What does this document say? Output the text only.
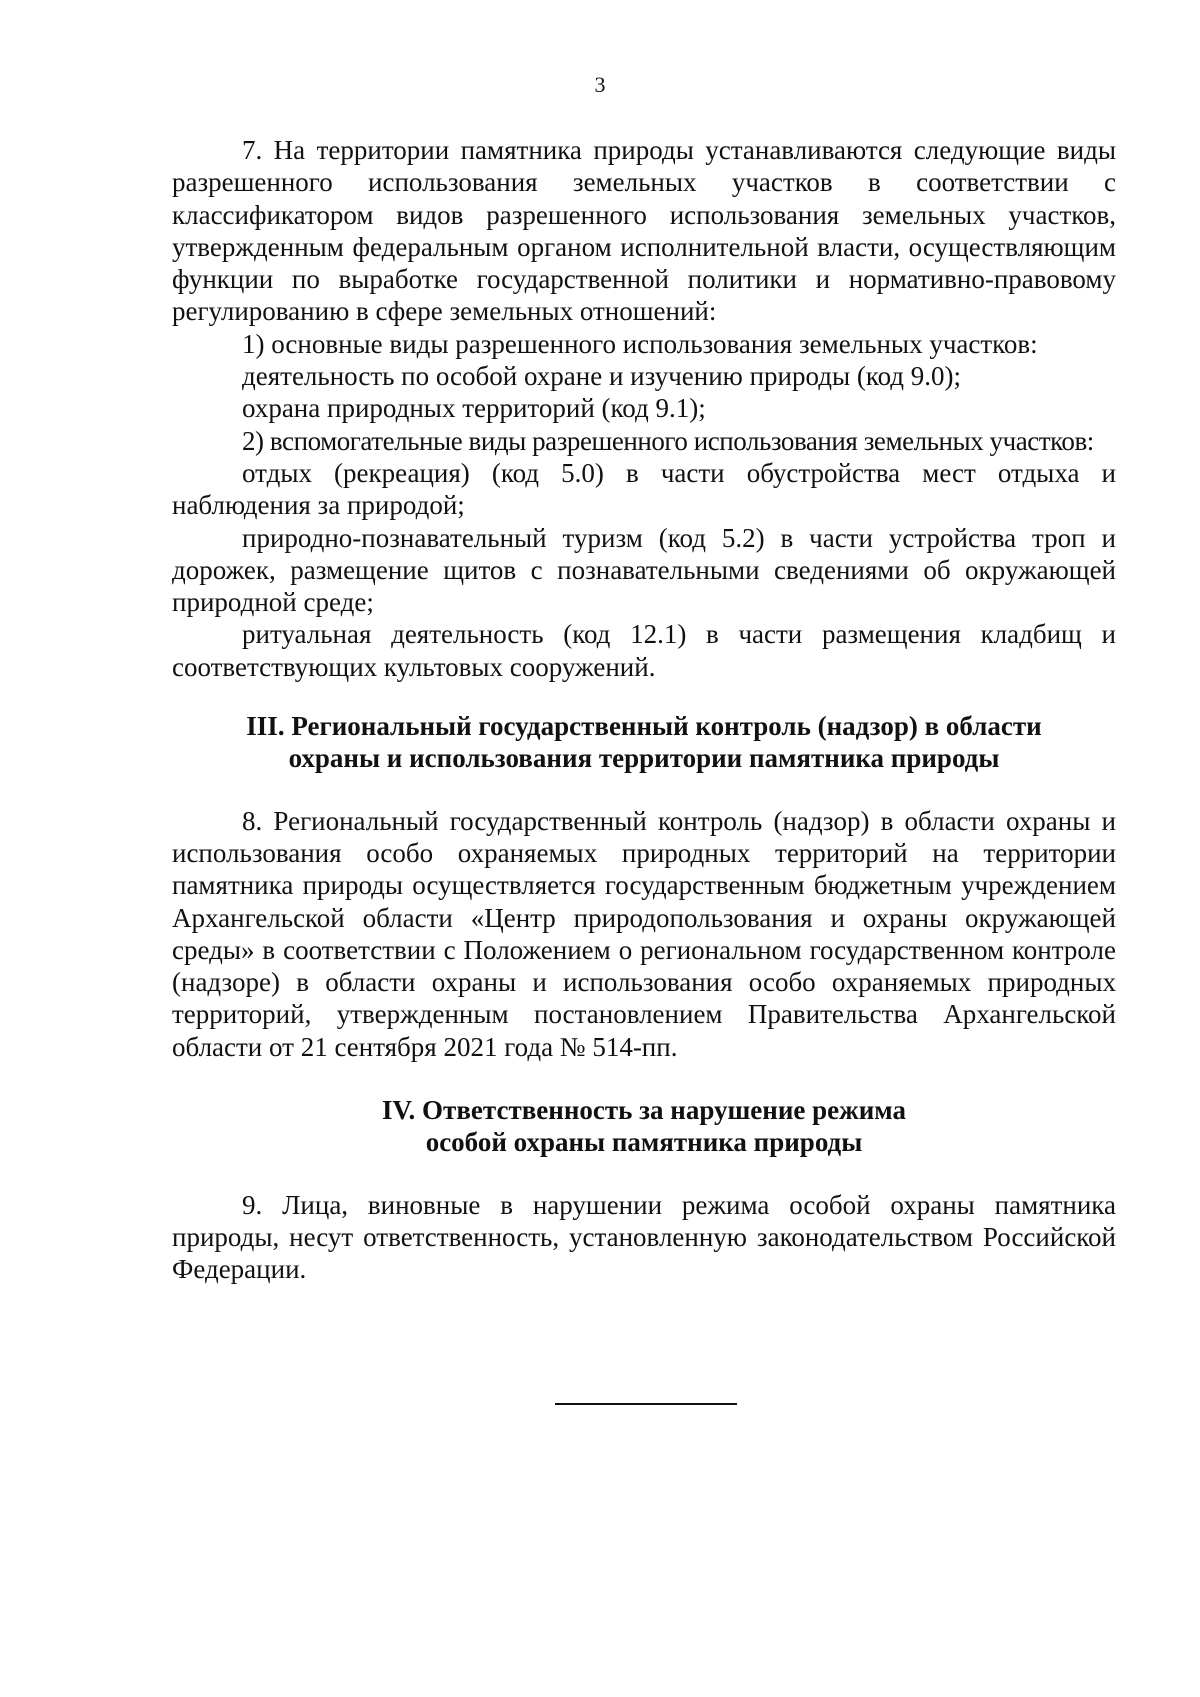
3

7. На территории памятника природы устанавливаются следующие виды разрешенного использования земельных участков в соответствии с классификатором видов разрешенного использования земельных участков, утвержденным федеральным органом исполнительной власти, осуществляющим функции по выработке государственной политики и нормативно-правовому регулированию в сфере земельных отношений:

1) основные виды разрешенного использования земельных участков:

деятельность по особой охране и изучению природы (код 9.0);

охрана природных территорий (код 9.1);

2) вспомогательные виды разрешенного использования земельных участков:

отдых (рекреация) (код 5.0) в части обустройства мест отдыха и наблюдения за природой;

природно-познавательный туризм (код 5.2) в части устройства троп и дорожек, размещение щитов с познавательными сведениями об окружающей природной среде;

ритуальная деятельность (код 12.1) в части размещения кладбищ и соответствующих культовых сооружений.

III. Региональный государственный контроль (надзор) в области
охраны и использования территории памятника природы

8. Региональный государственный контроль (надзор) в области охраны и использования особо охраняемых природных территорий на территории памятника природы осуществляется государственным бюджетным учреждением Архангельской области «Центр природопользования и охраны окружающей среды» в соответствии с Положением о региональном государственном контроле (надзоре) в области охраны и использования особо охраняемых природных территорий, утвержденным постановлением Правительства Архангельской области от 21 сентября 2021 года № 514-пп.

IV. Ответственность за нарушение режима
особой охраны памятника природы

9. Лица, виновные в нарушении режима особой охраны памятника природы, несут ответственность, установленную законодательством Российской Федерации.
